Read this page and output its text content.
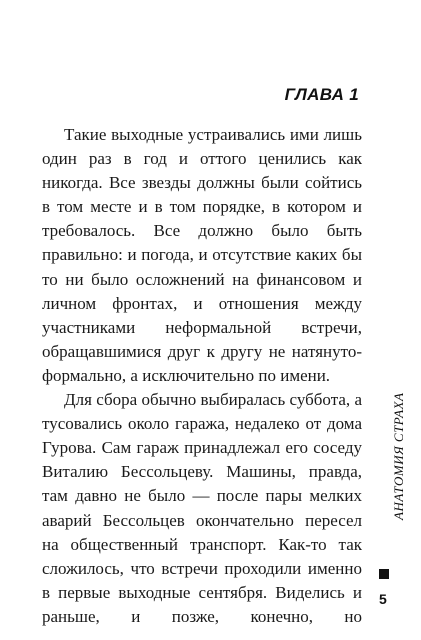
ГЛАВА 1

Такие выходные устраивались ими лишь один раз в год и оттого ценились как никогда. Все звезды должны были сойтись в том месте и в том порядке, в котором и требовалось. Все должно было быть правильно: и погода, и отсутствие каких бы то ни было осложнений на финансовом и личном фронтах, и отношения между участниками неформальной встречи, обращавшимися друг к другу не натянуто-формально, а исключительно по имени.

Для сбора обычно выбиралась суббота, а тусовались около гаража, недалеко от дома Гурова. Сам гараж принадлежал его соседу Виталию Бессольцеву. Машины, правда, там давно не было — после пары мелких аварий Бессольцев окончательно пересел на общественный транспорт. Как-то так сложилось, что встречи проходили именно в первые выходные сентября. Виделись и раньше, и позже, конечно, но

АНАТОМИЯ СТРАХА
5
